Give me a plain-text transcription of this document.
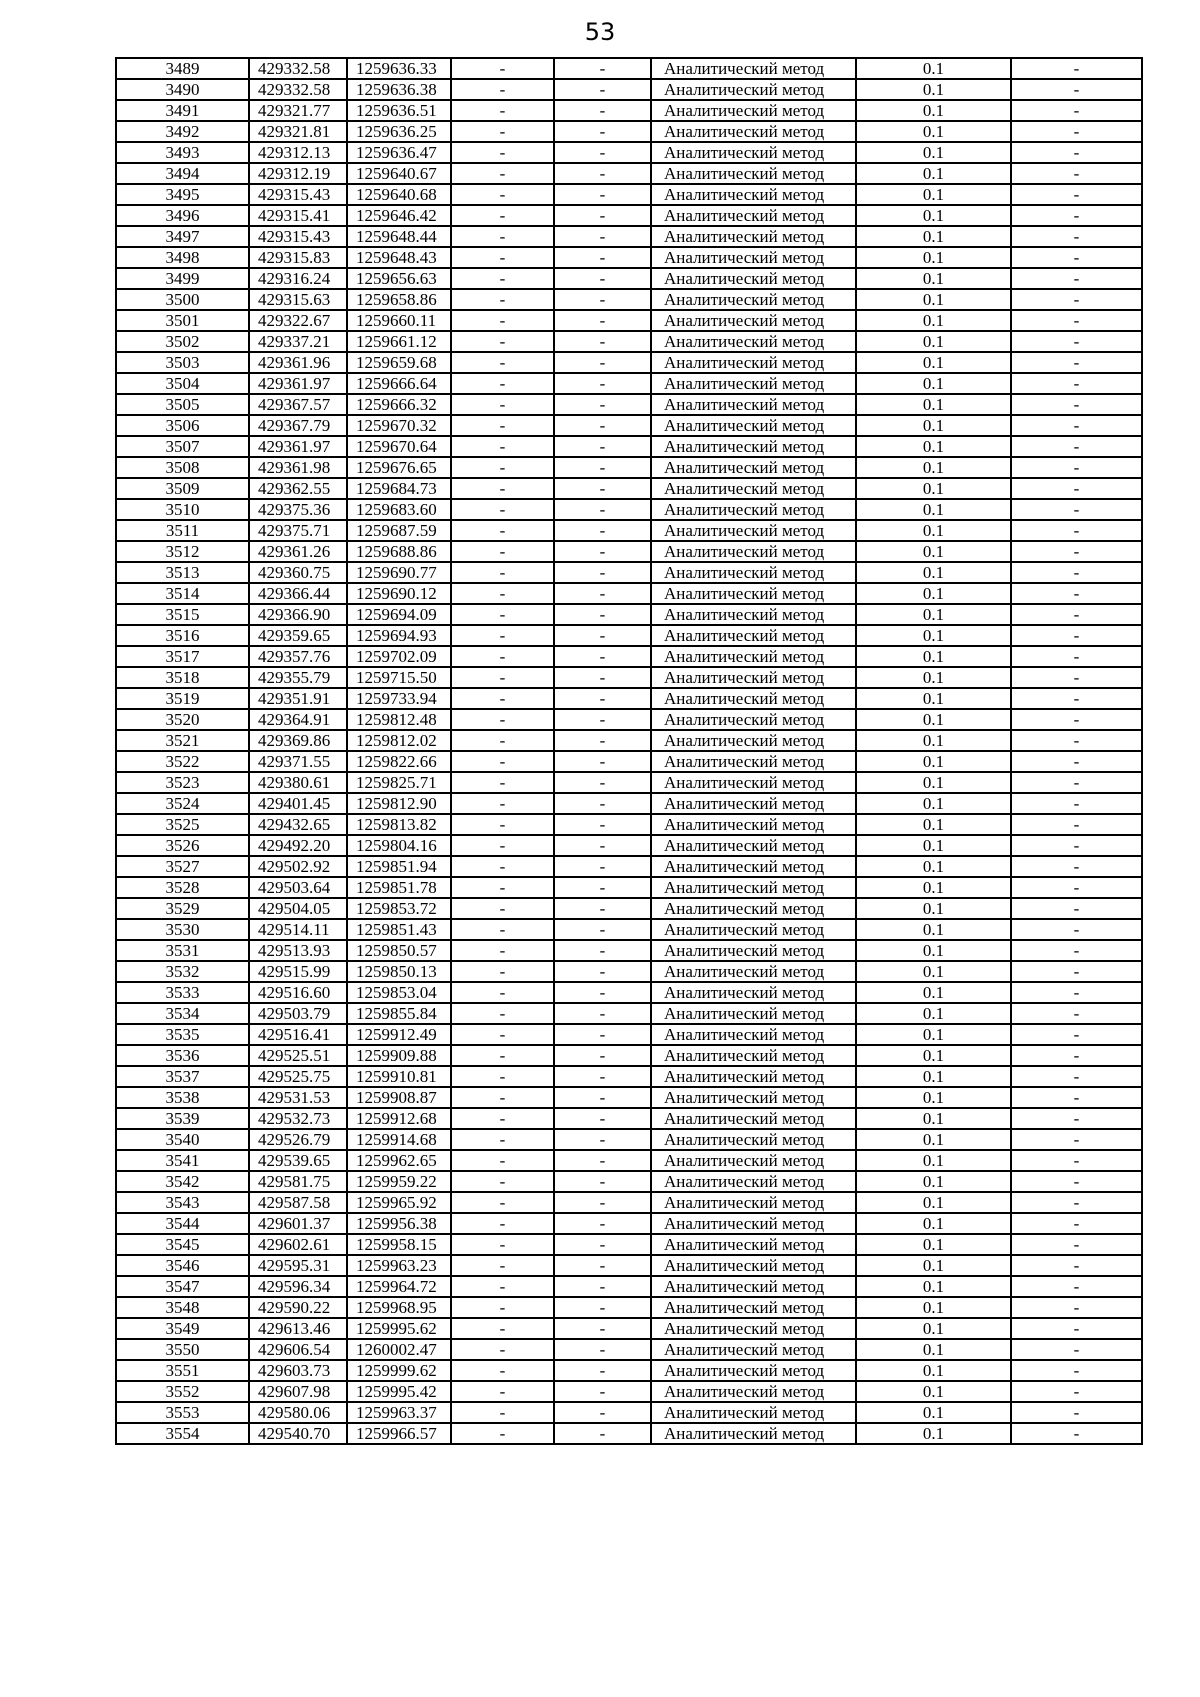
53
3489	429332.58	1259636.33	-	-	Аналитический метод	0.1	-
3490	429332.58	1259636.38	-	-	Аналитический метод	0.1	-
3491	429321.77	1259636.51	-	-	Аналитический метод	0.1	-
3492	429321.81	1259636.25	-	-	Аналитический метод	0.1	-
3493	429312.13	1259636.47	-	-	Аналитический метод	0.1	-
3494	429312.19	1259640.67	-	-	Аналитический метод	0.1	-
3495	429315.43	1259640.68	-	-	Аналитический метод	0.1	-
3496	429315.41	1259646.42	-	-	Аналитический метод	0.1	-
3497	429315.43	1259648.44	-	-	Аналитический метод	0.1	-
3498	429315.83	1259648.43	-	-	Аналитический метод	0.1	-
3499	429316.24	1259656.63	-	-	Аналитический метод	0.1	-
3500	429315.63	1259658.86	-	-	Аналитический метод	0.1	-
3501	429322.67	1259660.11	-	-	Аналитический метод	0.1	-
3502	429337.21	1259661.12	-	-	Аналитический метод	0.1	-
3503	429361.96	1259659.68	-	-	Аналитический метод	0.1	-
3504	429361.97	1259666.64	-	-	Аналитический метод	0.1	-
3505	429367.57	1259666.32	-	-	Аналитический метод	0.1	-
3506	429367.79	1259670.32	-	-	Аналитический метод	0.1	-
3507	429361.97	1259670.64	-	-	Аналитический метод	0.1	-
3508	429361.98	1259676.65	-	-	Аналитический метод	0.1	-
3509	429362.55	1259684.73	-	-	Аналитический метод	0.1	-
3510	429375.36	1259683.60	-	-	Аналитический метод	0.1	-
3511	429375.71	1259687.59	-	-	Аналитический метод	0.1	-
3512	429361.26	1259688.86	-	-	Аналитический метод	0.1	-
3513	429360.75	1259690.77	-	-	Аналитический метод	0.1	-
3514	429366.44	1259690.12	-	-	Аналитический метод	0.1	-
3515	429366.90	1259694.09	-	-	Аналитический метод	0.1	-
3516	429359.65	1259694.93	-	-	Аналитический метод	0.1	-
3517	429357.76	1259702.09	-	-	Аналитический метод	0.1	-
3518	429355.79	1259715.50	-	-	Аналитический метод	0.1	-
3519	429351.91	1259733.94	-	-	Аналитический метод	0.1	-
3520	429364.91	1259812.48	-	-	Аналитический метод	0.1	-
3521	429369.86	1259812.02	-	-	Аналитический метод	0.1	-
3522	429371.55	1259822.66	-	-	Аналитический метод	0.1	-
3523	429380.61	1259825.71	-	-	Аналитический метод	0.1	-
3524	429401.45	1259812.90	-	-	Аналитический метод	0.1	-
3525	429432.65	1259813.82	-	-	Аналитический метод	0.1	-
3526	429492.20	1259804.16	-	-	Аналитический метод	0.1	-
3527	429502.92	1259851.94	-	-	Аналитический метод	0.1	-
3528	429503.64	1259851.78	-	-	Аналитический метод	0.1	-
3529	429504.05	1259853.72	-	-	Аналитический метод	0.1	-
3530	429514.11	1259851.43	-	-	Аналитический метод	0.1	-
3531	429513.93	1259850.57	-	-	Аналитический метод	0.1	-
3532	429515.99	1259850.13	-	-	Аналитический метод	0.1	-
3533	429516.60	1259853.04	-	-	Аналитический метод	0.1	-
3534	429503.79	1259855.84	-	-	Аналитический метод	0.1	-
3535	429516.41	1259912.49	-	-	Аналитический метод	0.1	-
3536	429525.51	1259909.88	-	-	Аналитический метод	0.1	-
3537	429525.75	1259910.81	-	-	Аналитический метод	0.1	-
3538	429531.53	1259908.87	-	-	Аналитический метод	0.1	-
3539	429532.73	1259912.68	-	-	Аналитический метод	0.1	-
3540	429526.79	1259914.68	-	-	Аналитический метод	0.1	-
3541	429539.65	1259962.65	-	-	Аналитический метод	0.1	-
3542	429581.75	1259959.22	-	-	Аналитический метод	0.1	-
3543	429587.58	1259965.92	-	-	Аналитический метод	0.1	-
3544	429601.37	1259956.38	-	-	Аналитический метод	0.1	-
3545	429602.61	1259958.15	-	-	Аналитический метод	0.1	-
3546	429595.31	1259963.23	-	-	Аналитический метод	0.1	-
3547	429596.34	1259964.72	-	-	Аналитический метод	0.1	-
3548	429590.22	1259968.95	-	-	Аналитический метод	0.1	-
3549	429613.46	1259995.62	-	-	Аналитический метод	0.1	-
3550	429606.54	1260002.47	-	-	Аналитический метод	0.1	-
3551	429603.73	1259999.62	-	-	Аналитический метод	0.1	-
3552	429607.98	1259995.42	-	-	Аналитический метод	0.1	-
3553	429580.06	1259963.37	-	-	Аналитический метод	0.1	-
3554	429540.70	1259966.57	-	-	Аналитический метод	0.1	-
